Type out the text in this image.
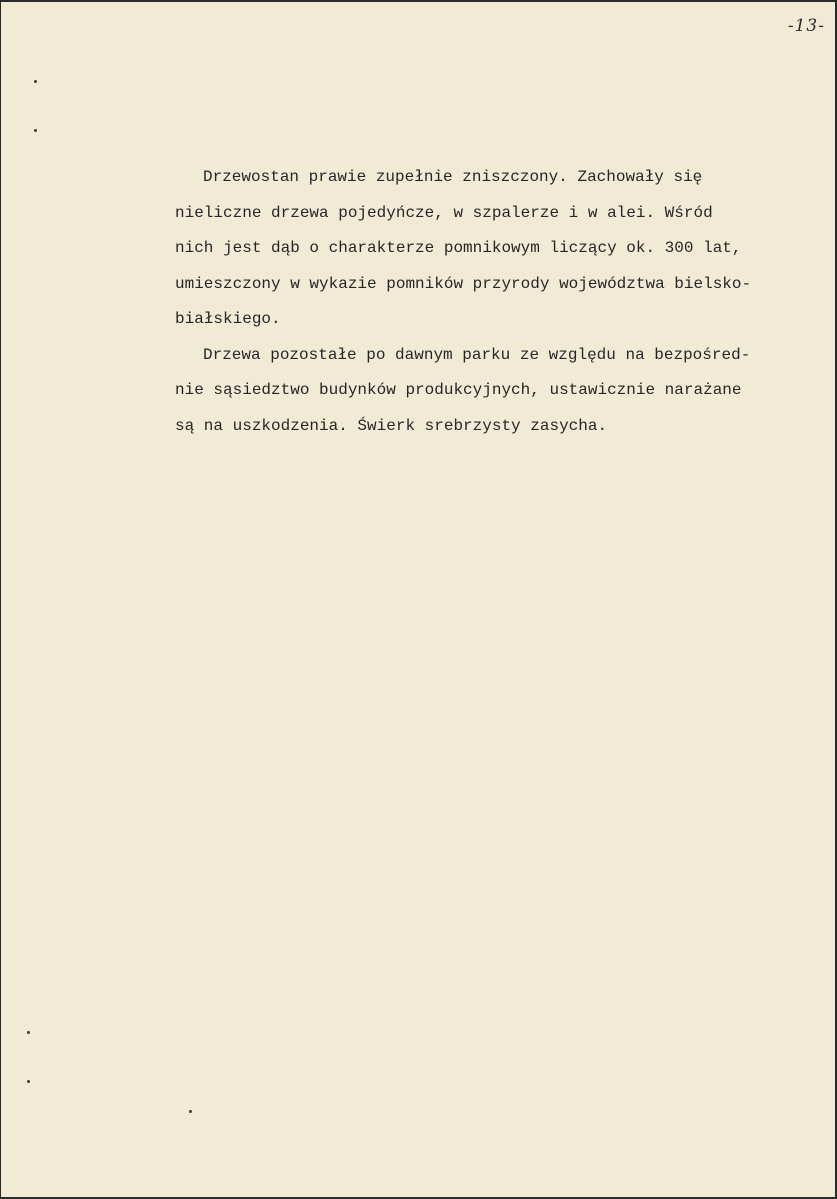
-13-
Drzewostan prawie zupełnie zniszczony. Zachowały się
nieliczne drzewa pojedyńcze, w szpalerze i w alei. Wśród
nich jest dąb o charakterze pomnikowym liczący ok. 300 lat,
umieszczony w wykazie pomników przyrody województwa bielsko-
białskiego.
Drzewa pozostałe po dawnym parku ze względu na bezpośred-
nie sąsiedztwo budynków produkcyjnych, ustawicznie narażane
są na uszkodzenia. Świerk srebrzysty zasycha.
